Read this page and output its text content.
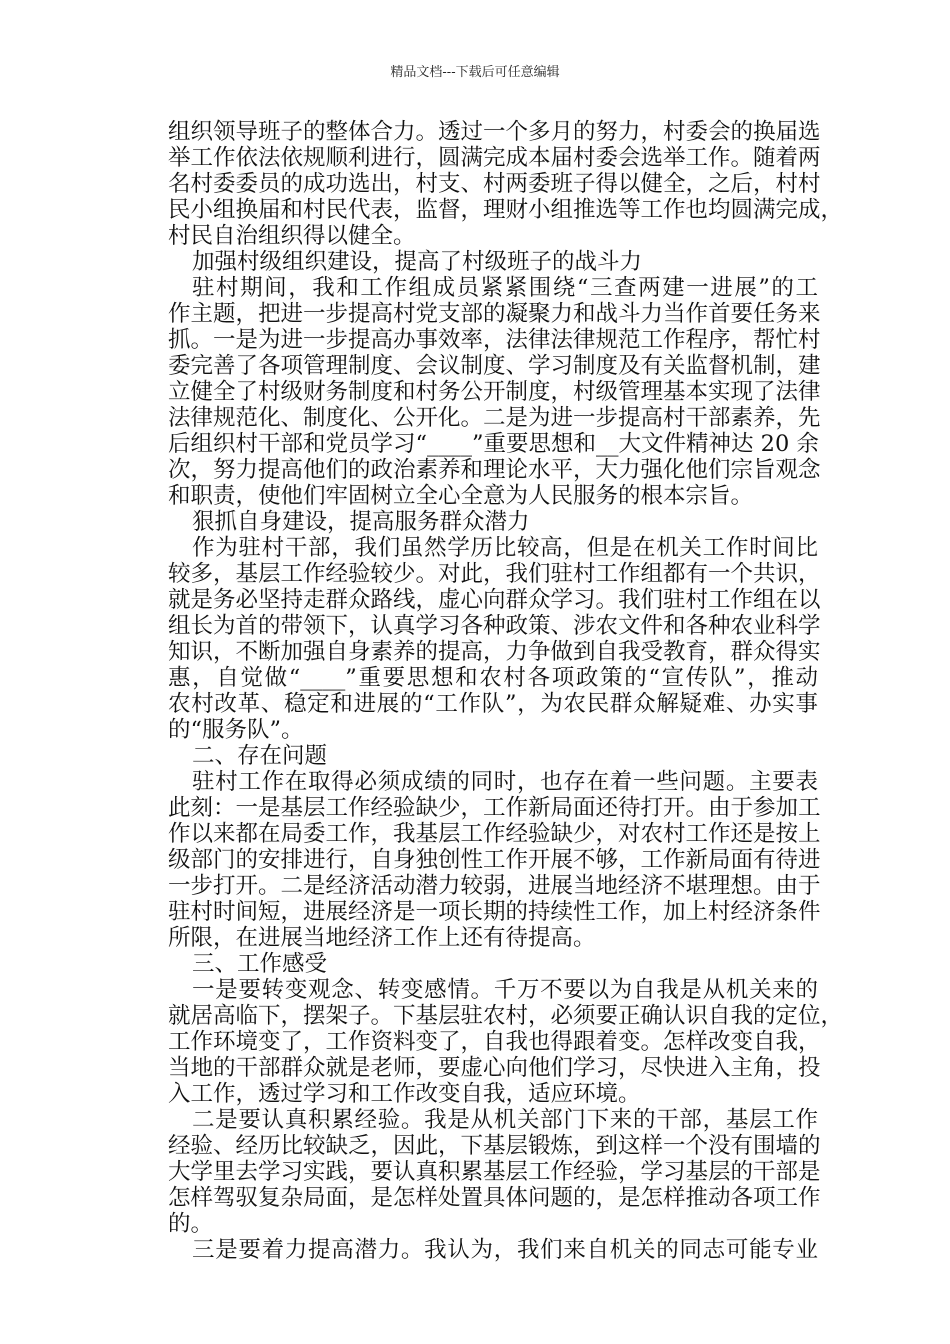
精品文档---下载后可任意编辑
组织领导班子的整体合力。透过一个多月的努力，村委会的换届选
举工作依法依规顺利进行，圆满完成本届村委会选举工作。随着两
名村委委员的成功选出，村支、村两委班子得以健全，之后，村村
民小组换届和村民代表，监督，理财小组推选等工作也均圆满完成，
村民自治组织得以健全。
加强村级组织建设，提高了村级班子的战斗力
驻村期间，我和工作组成员紧紧围绕“三查两建一进展”的工
作主题，把进一步提高村党支部的凝聚力和战斗力当作首要任务来
抓。一是为进一步提高办事效率，法律法律规范工作程序，帮忙村
委完善了各项管理制度、会议制度、学习制度及有关监督机制，建
立健全了村级财务制度和村务公开制度，村级管理基本实现了法律
法律规范化、制度化、公开化。二是为进一步提高村干部素养，先
后组织村干部和党员学习“____”重要思想和__大文件精神达 20 余
次，努力提高他们的政治素养和理论水平，大力强化他们宗旨观念
和职责，使他们牢固树立全心全意为人民服务的根本宗旨。
狠抓自身建设，提高服务群众潜力
作为驻村干部，我们虽然学历比较高，但是在机关工作时间比
较多，基层工作经验较少。对此，我们驻村工作组都有一个共识，
就是务必坚持走群众路线，虚心向群众学习。我们驻村工作组在以
组长为首的带领下，认真学习各种政策、涉农文件和各种农业科学
知识，不断加强自身素养的提高，力争做到自我受教育，群众得实
惠，自觉做“____”重要思想和农村各项政策的“宣传队”，推动
农村改革、稳定和进展的“工作队”，为农民群众解疑难、办实事
的“服务队”。
二、存在问题
驻村工作在取得必须成绩的同时，也存在着一些问题。主要表
此刻：一是基层工作经验缺少，工作新局面还待打开。由于参加工
作以来都在局委工作，我基层工作经验缺少，对农村工作还是按上
级部门的安排进行，自身独创性工作开展不够，工作新局面有待进
一步打开。二是经济活动潜力较弱，进展当地经济不堪理想。由于
驻村时间短，进展经济是一项长期的持续性工作，加上村经济条件
所限，在进展当地经济工作上还有待提高。
三、工作感受
一是要转变观念、转变感情。千万不要以为自我是从机关来的
就居高临下，摆架子。下基层驻农村，必须要正确认识自我的定位，
工作环境变了，工作资料变了，自我也得跟着变。怎样改变自我，
当地的干部群众就是老师，要虚心向他们学习，尽快进入主角，投
入工作，透过学习和工作改变自我，适应环境。
二是要认真积累经验。我是从机关部门下来的干部，基层工作
经验、经历比较缺乏，因此，下基层锻炼，到这样一个没有围墙的
大学里去学习实践，要认真积累基层工作经验，学习基层的干部是
怎样驾驭复杂局面，是怎样处置具体问题的，是怎样推动各项工作
的。
三是要着力提高潜力。我认为，我们来自机关的同志可能专业
